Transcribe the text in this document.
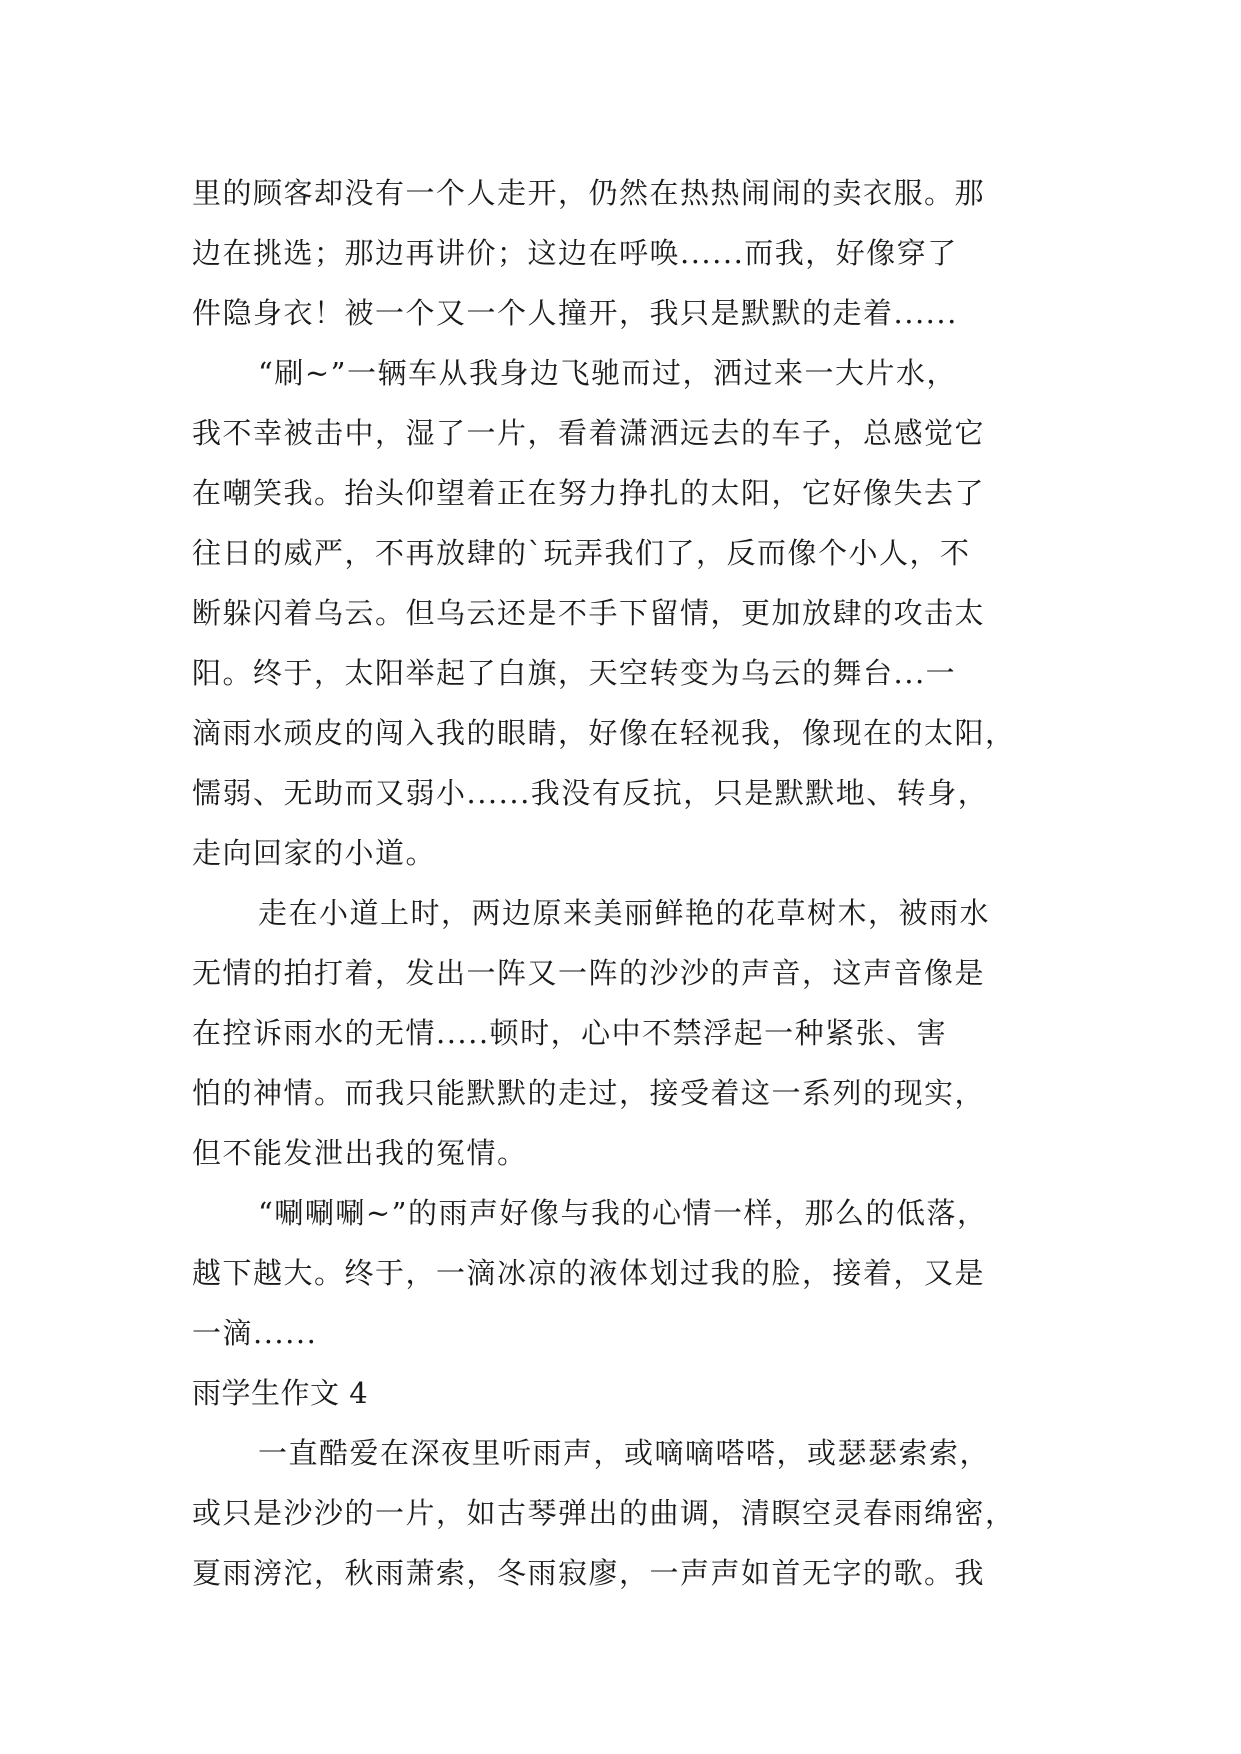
里的顾客却没有一个人走开，仍然在热热闹闹的卖衣服。那
边在挑选；那边再讲价；这边在呼唤......而我，好像穿了
件隐身衣！被一个又一个人撞开，我只是默默的走着......
“刷~”一辆车从我身边飞驰而过，洒过来一大片水，
我不幸被击中，湿了一片，看着潇洒远去的车子，总感觉它
在嘲笑我。抬头仰望着正在努力挣扎的太阳，它好像失去了
往日的威严，不再放肆的`玩弄我们了，反而像个小人，不
断躲闪着乌云。但乌云还是不手下留情，更加放肆的攻击太
阳。终于，太阳举起了白旗，天空转变为乌云的舞台...一
滴雨水顽皮的闯入我的眼睛，好像在轻视我，像现在的太阳，
懦弱、无助而又弱小......我没有反抗，只是默默地、转身，
走向回家的小道。
走在小道上时，两边原来美丽鲜艳的花草树木，被雨水
无情的拍打着，发出一阵又一阵的沙沙的声音，这声音像是
在控诉雨水的无情.....顿时，心中不禁浮起一种紧张、害
怕的神情。而我只能默默的走过，接受着这一系列的现实，
但不能发泄出我的冤情。
“唰唰唰~”的雨声好像与我的心情一样，那么的低落，
越下越大。终于，一滴冰凉的液体划过我的脸，接着，又是
一滴......
雨学生作文 4
一直酷爱在深夜里听雨声，或嘀嘀嗒嗒，或瑟瑟索索，
或只是沙沙的一片，如古琴弹出的曲调，清瞑空灵春雨绵密，
夏雨滂沱，秋雨萧索，冬雨寂廖，一声声如首无字的歌。我
